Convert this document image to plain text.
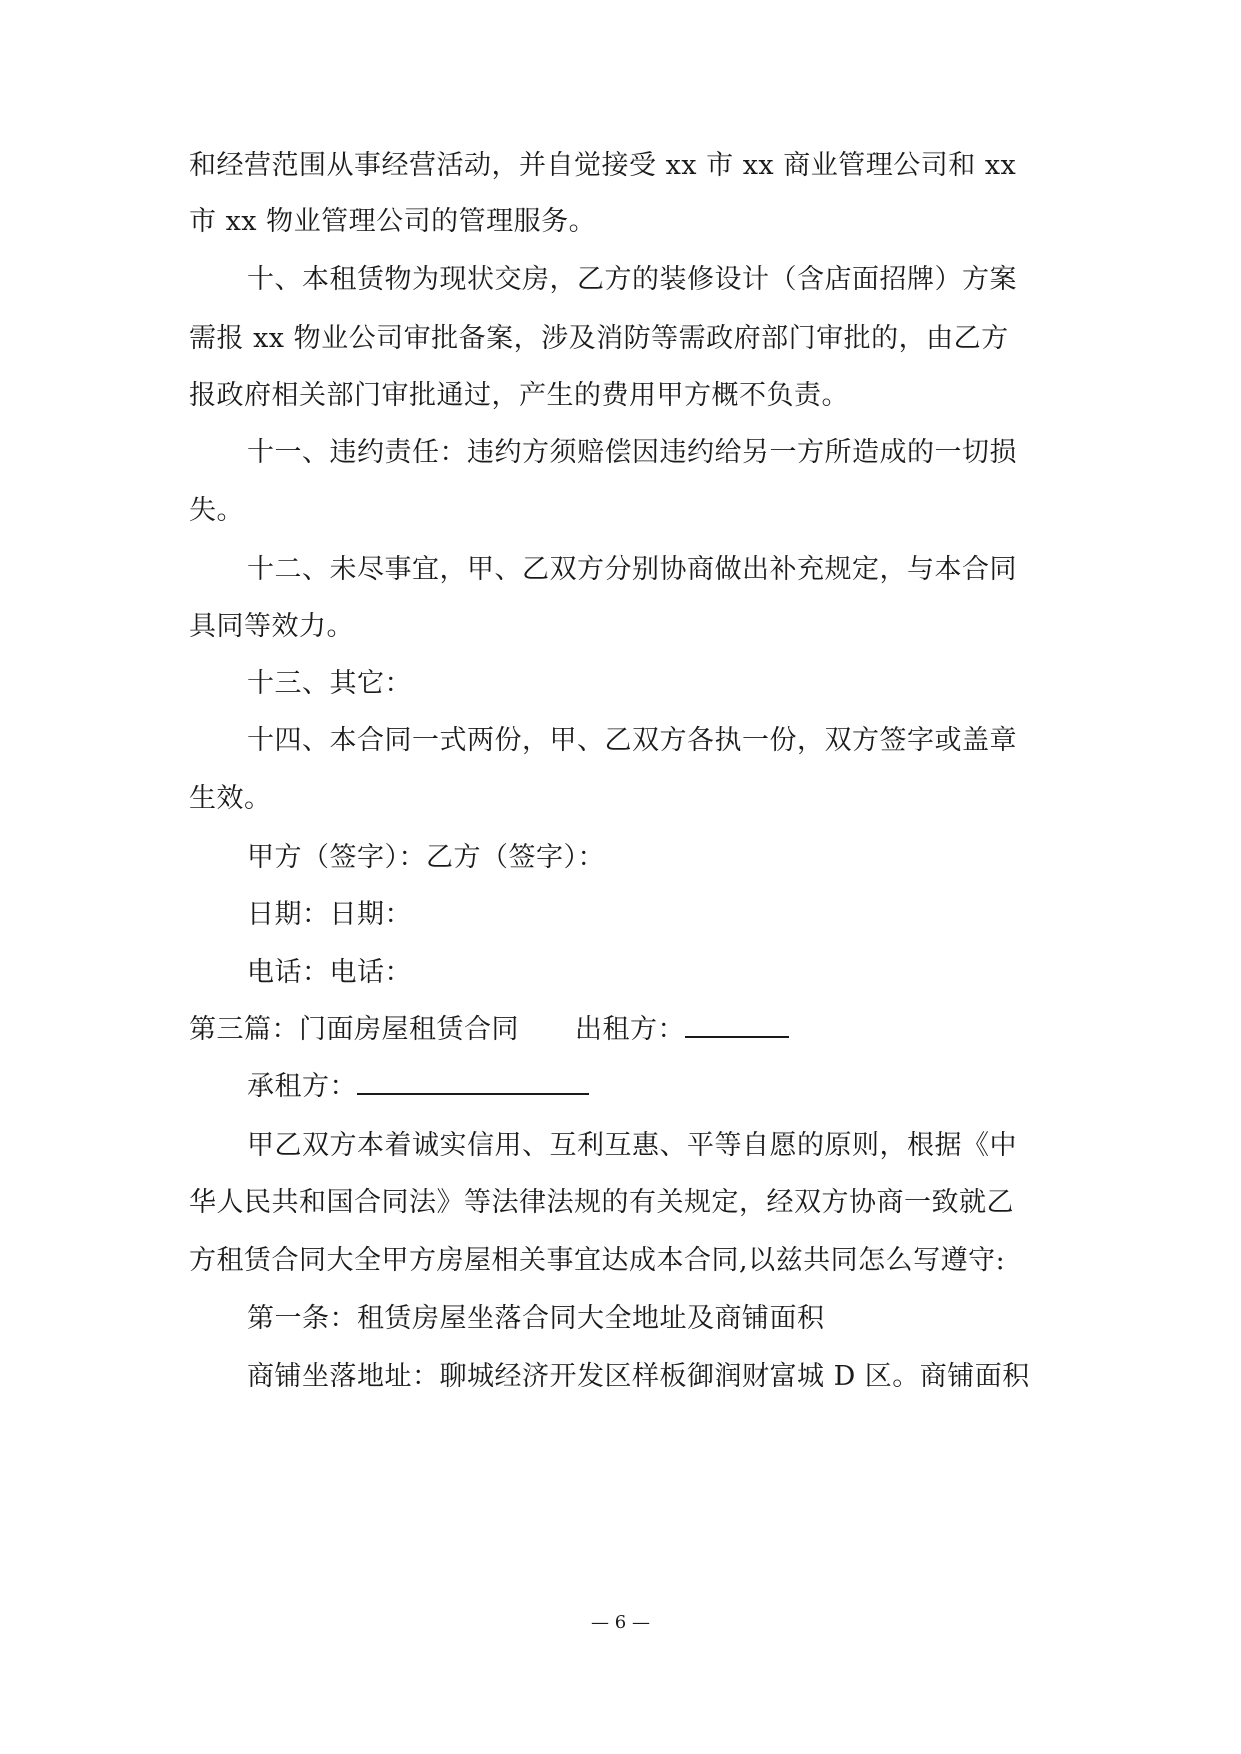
和经营范围从事经营活动，并自觉接受 xx 市 xx 商业管理公司和 xx
市 xx 物业管理公司的管理服务。
十、本租赁物为现状交房，乙方的装修设计（含店面招牌）方案
需报 xx 物业公司审批备案，涉及消防等需政府部门审批的，由乙方
报政府相关部门审批通过，产生的费用甲方概不负责。
十一、违约责任：违约方须赔偿因违约给另一方所造成的一切损
失。
十二、未尽事宜，甲、乙双方分别协商做出补充规定，与本合同
具同等效力。
十三、其它：
十四、本合同一式两份，甲、乙双方各执一份，双方签字或盖章
生效。
甲方（签字）：乙方（签字）：
日期：日期：
电话：电话：
第三篇：门面房屋租赁合同 出租方：
承租方：
甲乙双方本着诚实信用、互利互惠、平等自愿的原则，根据《中
华人民共和国合同法》等法律法规的有关规定，经双方协商一致就乙
方租赁合同大全甲方房屋相关事宜达成本合同,以兹共同怎么写遵守:
第一条：租赁房屋坐落合同大全地址及商铺面积
商铺坐落地址：聊城经济开发区样板御润财富城 D 区。商铺面积
— 6 —
